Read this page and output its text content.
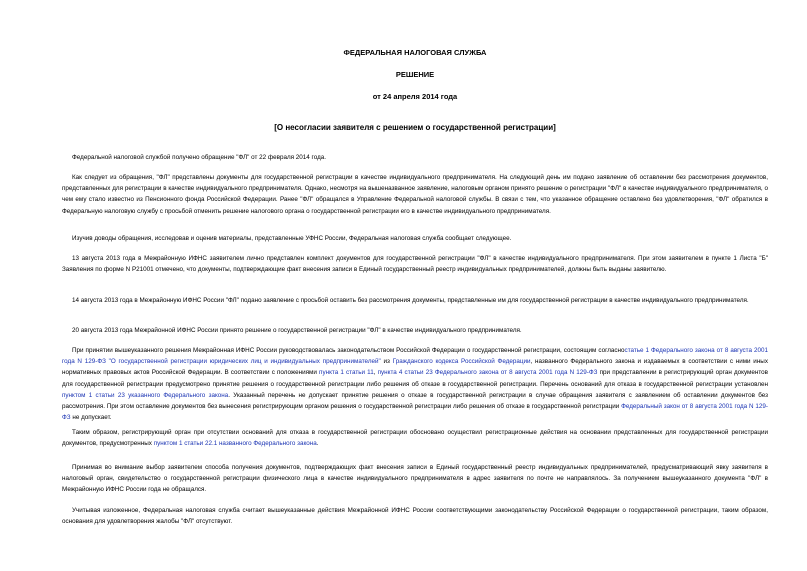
ФЕДЕРАЛЬНАЯ НАЛОГОВАЯ СЛУЖБА
РЕШЕНИЕ
от 24 апреля 2014 года
[О несогласии заявителя с решением о государственной регистрации]

Федеральной налоговой службой получено обращение "ФЛ" от 22 февраля 2014 года.

Как следует из обращения, "ФЛ" представлены документы для государственной регистрации в качестве индивидуального предпринимателя. На следующий день им подано заявление об оставлении без рассмотрения документов, представленных для регистрации в качестве индивидуального предпринимателя. Однако, несмотря на вышеназванное заявление, налоговым органом принято решение о регистрации "ФЛ" в качестве индивидуального предпринимателя, о чем ему стало известно из Пенсионного фонда Российской Федерации. Ранее "ФЛ" обращался в Управление Федеральной налоговой службы. В связи с тем, что указанное обращение оставлено без удовлетворения, "ФЛ" обратился в Федеральную налоговую службу с просьбой отменить решение налогового органа о государственной регистрации его в качестве индивидуального предпринимателя.

Изучив доводы обращения, исследовав и оценив материалы, представленные УФНС России, Федеральная налоговая служба сообщает следующее.

13 августа 2013 года в Межрайонную ИФНС заявителем лично представлен комплект документов для государственной регистрации "ФЛ" в качестве индивидуального предпринимателя. При этом заявителем в пункте 1 Листа "Б" Заявления по форме N Р21001 отмечено, что документы, подтверждающие факт внесения записи в Единый государственный реестр индивидуальных предпринимателей, должны быть выданы заявителю.

14 августа 2013 года в Межрайонную ИФНС России "ФЛ" подано заявление с просьбой оставить без рассмотрения документы, представленные им для государственной регистрации в качестве индивидуального предпринимателя.

20 августа 2013 года Межрайонной ИФНС России принято решение о государственной регистрации "ФЛ" в качестве индивидуального предпринимателя.

При принятии вышеуказанного решения Межрайонная ИФНС России руководствовалась законодательством Российской Федерации о государственной регистрации, состоящим согласностатье 1 Федерального закона от 8 августа 2001 года N 129-ФЗ "О государственной регистрации юридических лиц и индивидуальных предпринимателей" из Гражданского кодекса Российской Федерации, названного Федерального закона и издаваемых в соответствии с ними иных нормативных правовых актов Российской Федерации. В соответствии с положениями пункта 1 статьи 11, пункта 4 статьи 23 Федерального закона от 8 августа 2001 года N 129-ФЗ при представлении в регистрирующий орган документов для государственной регистрации предусмотрено принятие решения о государственной регистрации либо решения об отказе в государственной регистрации. Перечень оснований для отказа в государственной регистрации установлен пунктом 1 статьи 23 указанного Федерального закона. Указанный перечень не допускает принятие решения о отказе в государственной регистрации в случае обращения заявителя с заявлением об оставлении документов без рассмотрения. При этом оставление документов без вынесения регистрирующим органом решения о государственной регистрации либо решения об отказе в государственной регистрации Федеральный закон от 8 августа 2001 года N 129-ФЗ не допускает.

Таким образом, регистрирующий орган при отсутствии оснований для отказа в государственной регистрации обосновано осуществил регистрационные действия на основании представленных для государственной регистрации документов, предусмотренных пунктом 1 статьи 22.1 названного Федерального закона.

Принимая во внимание выбор заявителем способа получения документов, подтверждающих факт внесения записи в Единый государственный реестр индивидуальных предпринимателей, предусматривающий явку заявителя в налоговый орган, свидетельство о государственной регистрации физического лица в качестве индивидуального предпринимателя в адрес заявителя по почте не направлялось. За получением вышеуказанного документа "ФЛ" в Межрайонную ИФНС России года не обращался.

Учитывая изложенное, Федеральная налоговая служба считает вышеуказанные действия Межрайонной ИФНС России соответствующими законодательству Российской Федерации о государственной регистрации, таким образом, основания для удовлетворения жалобы "ФЛ" отсутствуют.
